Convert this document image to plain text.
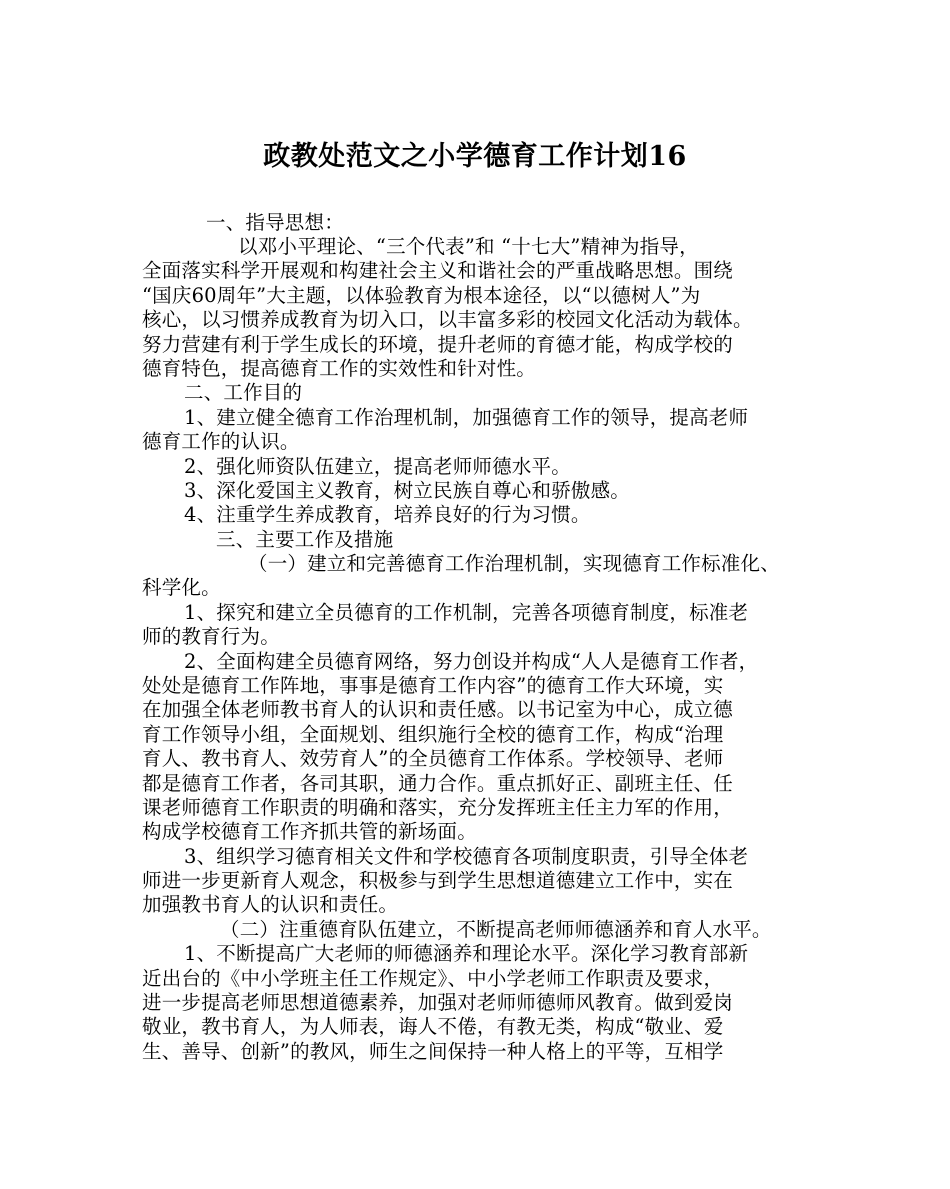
政教处范文之小学德育工作计划16
一、指导思想：
以邓小平理论、“三个代表”和 “十七大”精神为指导，
全面落实科学开展观和构建社会主义和谐社会的严重战略思想。围绕
“国庆60周年”大主题，以体验教育为根本途径，以“以德树人”为
核心，以习惯养成教育为切入口，以丰富多彩的校园文化活动为载体。
努力营建有利于学生成长的环境，提升老师的育德才能，构成学校的
德育特色，提高德育工作的实效性和针对性。
二、工作目的
1、建立健全德育工作治理机制，加强德育工作的领导，提高老师
德育工作的认识。
2、强化师资队伍建立，提高老师师德水平。
3、深化爱国主义教育，树立民族自尊心和骄傲感。
4、注重学生养成教育，培养良好的行为习惯。
三、主要工作及措施
（一）建立和完善德育工作治理机制，实现德育工作标准化、
科学化。
1、探究和建立全员德育的工作机制，完善各项德育制度，标准老
师的教育行为。
2、全面构建全员德育网络，努力创设并构成“人人是德育工作者，
处处是德育工作阵地，事事是德育工作内容”的德育工作大环境，实
在加强全体老师教书育人的认识和责任感。以书记室为中心，成立德
育工作领导小组，全面规划、组织施行全校的德育工作，构成“治理
育人、教书育人、效劳育人”的全员德育工作体系。学校领导、老师
都是德育工作者，各司其职，通力合作。重点抓好正、副班主任、任
课老师德育工作职责的明确和落实，充分发挥班主任主力军的作用，
构成学校德育工作齐抓共管的新场面。
3、组织学习德育相关文件和学校德育各项制度职责，引导全体老
师进一步更新育人观念，积极参与到学生思想道德建立工作中，实在
加强教书育人的认识和责任。
（二）注重德育队伍建立，不断提高老师师德涵养和育人水平。
1、不断提高广大老师的师德涵养和理论水平。深化学习教育部新
近出台的《中小学班主任工作规定》、中小学老师工作职责及要求，
进一步提高老师思想道德素养，加强对老师师德师风教育。做到爱岗
敬业，教书育人，为人师表，诲人不倦，有教无类，构成“敬业、爱
生、善导、创新”的教风，师生之间保持一种人格上的平等，互相学
